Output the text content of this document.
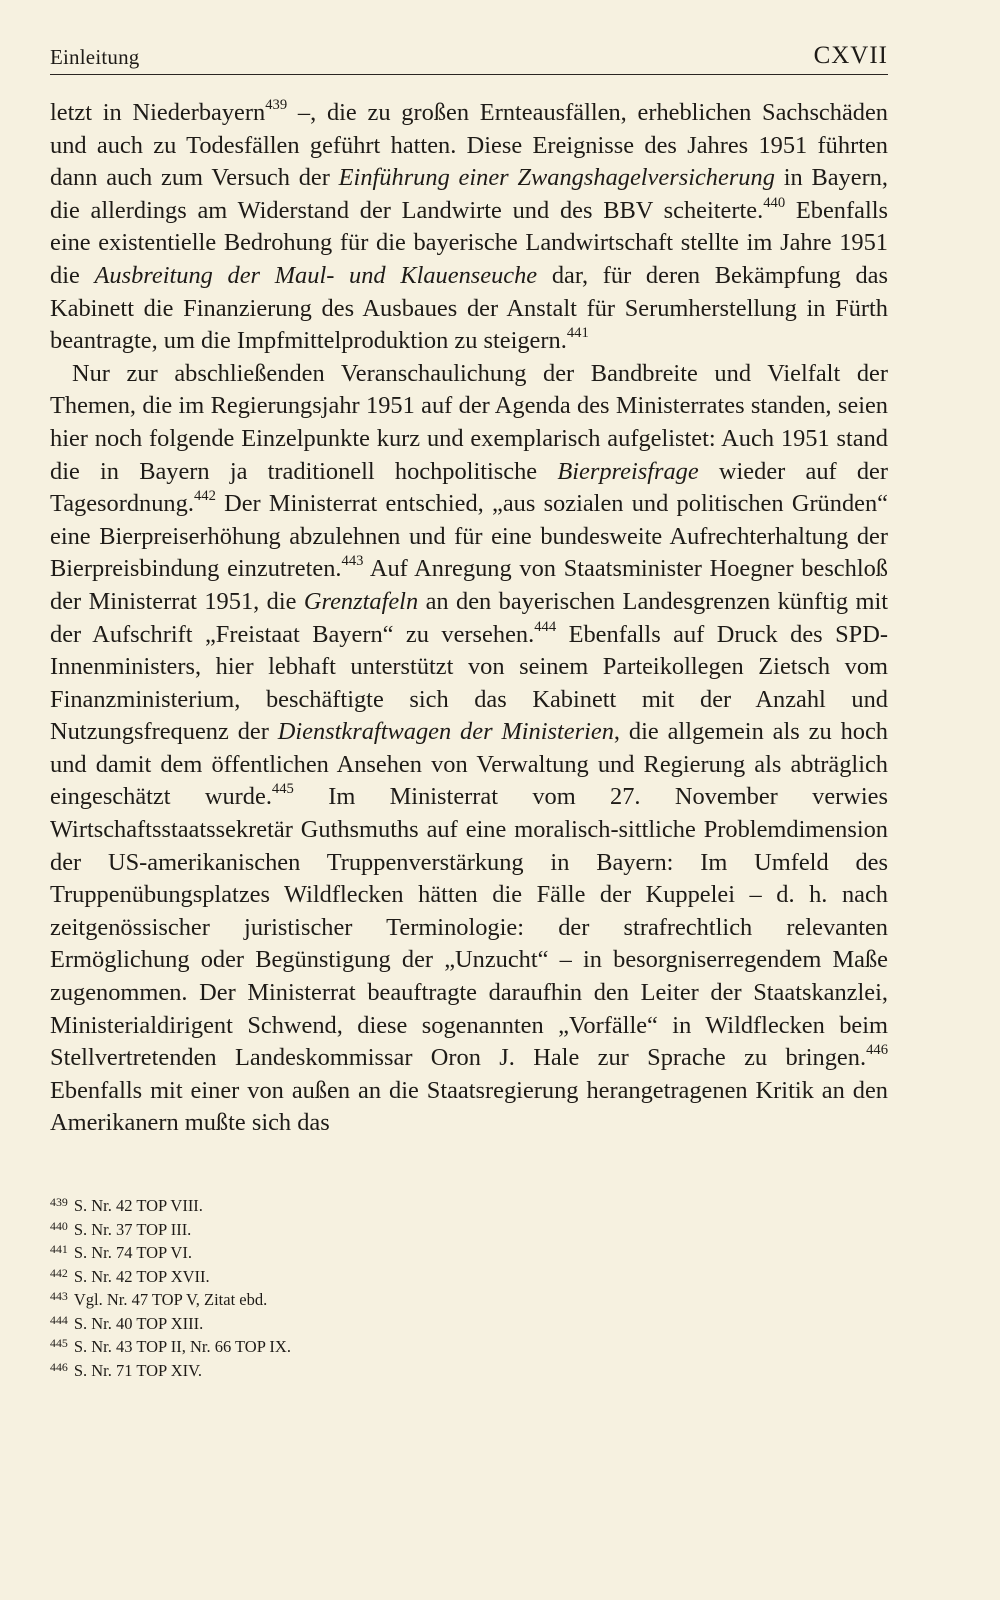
Einleitung	CXVII

letzt in Niederbayern$^{439}$ –, die zu großen Ernteausfällen, erheblichen Sachschäden und auch zu Todesfällen geführt hatten. Diese Ereignisse des Jahres 1951 führten dann auch zum Versuch der Einführung einer Zwangshagelversicherung in Bayern, die allerdings am Widerstand der Landwirte und des BBV scheiterte.$^{440}$ Ebenfalls eine existentielle Bedrohung für die bayerische Landwirtschaft stellte im Jahre 1951 die Ausbreitung der Maul- und Klauenseuche dar, für deren Bekämpfung das Kabinett die Finanzierung des Ausbaues der Anstalt für Serumherstellung in Fürth beantragte, um die Impfmittelproduktion zu steigern.$^{441}$

Nur zur abschließenden Veranschaulichung der Bandbreite und Vielfalt der Themen, die im Regierungsjahr 1951 auf der Agenda des Ministerrates standen, seien hier noch folgende Einzelpunkte kurz und exemplarisch aufgelistet: Auch 1951 stand die in Bayern ja traditionell hochpolitische Bierpreisfrage wieder auf der Tagesordnung.$^{442}$ Der Ministerrat entschied, „aus sozialen und politischen Gründen“ eine Bierpreiserhöhung abzulehnen und für eine bundesweite Aufrechterhaltung der Bierpreisbindung einzutreten.$^{443}$ Auf Anregung von Staatsminister Hoegner beschloß der Ministerrat 1951, die Grenztafeln an den bayerischen Landesgrenzen künftig mit der Aufschrift „Freistaat Bayern“ zu versehen.$^{444}$ Ebenfalls auf Druck des SPD-Innenministers, hier lebhaft unterstützt von seinem Parteikollegen Zietsch vom Finanzministerium, beschäftigte sich das Kabinett mit der Anzahl und Nutzungsfrequenz der Dienstkraftwagen der Ministerien, die allgemein als zu hoch und damit dem öffentlichen Ansehen von Verwaltung und Regierung als abträglich eingeschätzt wurde.$^{445}$ Im Ministerrat vom 27. November verwies Wirtschaftsstaatssekretär Guthsmuths auf eine moralisch-sittliche Problemdimension der US-amerikanischen Truppenverstärkung in Bayern: Im Umfeld des Truppenübungsplatzes Wildflecken hätten die Fälle der Kuppelei – d. h. nach zeitgenössischer juristischer Terminologie: der strafrechtlich relevanten Ermöglichung oder Begünstigung der „Unzucht“ – in besorgniserregendem Maße zugenommen. Der Ministerrat beauftragte daraufhin den Leiter der Staatskanzlei, Ministerialdirigent Schwend, diese sogenannten „Vorfälle“ in Wildflecken beim Stellvertretenden Landeskommissar Oron J. Hale zur Sprache zu bringen.$^{446}$ Ebenfalls mit einer von außen an die Staatsregierung herangetragenen Kritik an den Amerikanern mußte sich das

439 S. Nr. 42 TOP VIII.
440 S. Nr. 37 TOP III.
441 S. Nr. 74 TOP VI.
442 S. Nr. 42 TOP XVII.
443 Vgl. Nr. 47 TOP V, Zitat ebd.
444 S. Nr. 40 TOP XIII.
445 S. Nr. 43 TOP II, Nr. 66 TOP IX.
446 S. Nr. 71 TOP XIV.
